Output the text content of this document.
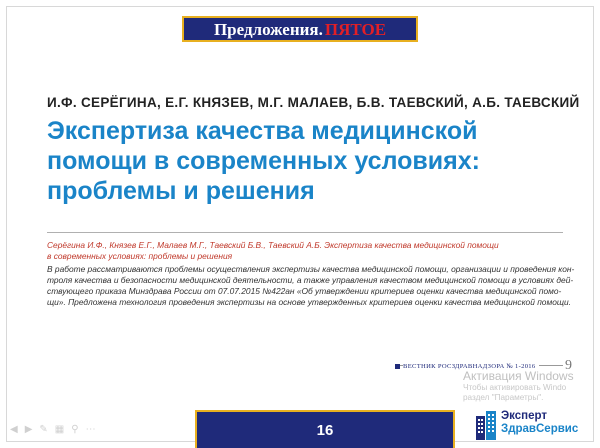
Предложения. ПЯТОЕ
И.Ф. СЕРЁГИНА, Е.Г. КНЯЗЕВ, М.Г. МАЛАЕВ, Б.В. ТАЕВСКИЙ, А.Б. ТАЕВСКИЙ
Экспертиза качества медицинской
помощи в современных условиях:
проблемы и решения
Серёгина И.Ф., Князев Е.Г., Малаев М.Г., Таевский Б.В., Таевский А.Б. Экспертиза качества медицинской помощи
в современных условиях: проблемы и решения
В работе рассматриваются проблемы осуществления экспертизы качества медицинской помощи, организации и проведения кон-
троля качества и безопасности медицинской деятельности, а также управления качеством медицинской помощи в условиях дей-
ствующего приказа Минздрава России от 07.07.2015 №422ан «Об утверждении критериев оценки качества медицинской помо-
щи». Предложена технология проведения экспертизы на основе утвержденных критериев оценки качества медицинской помощи.
ВЕСТНИК РОСЗДРАВНАДЗОРА № 1-2016 9
Активация Windows
Чтобы активировать Windo
раздел "Параметры".
16
◀ ▶ ✎ ▦ ⚲ ⋯
Эксперт
ЗдравСервис
